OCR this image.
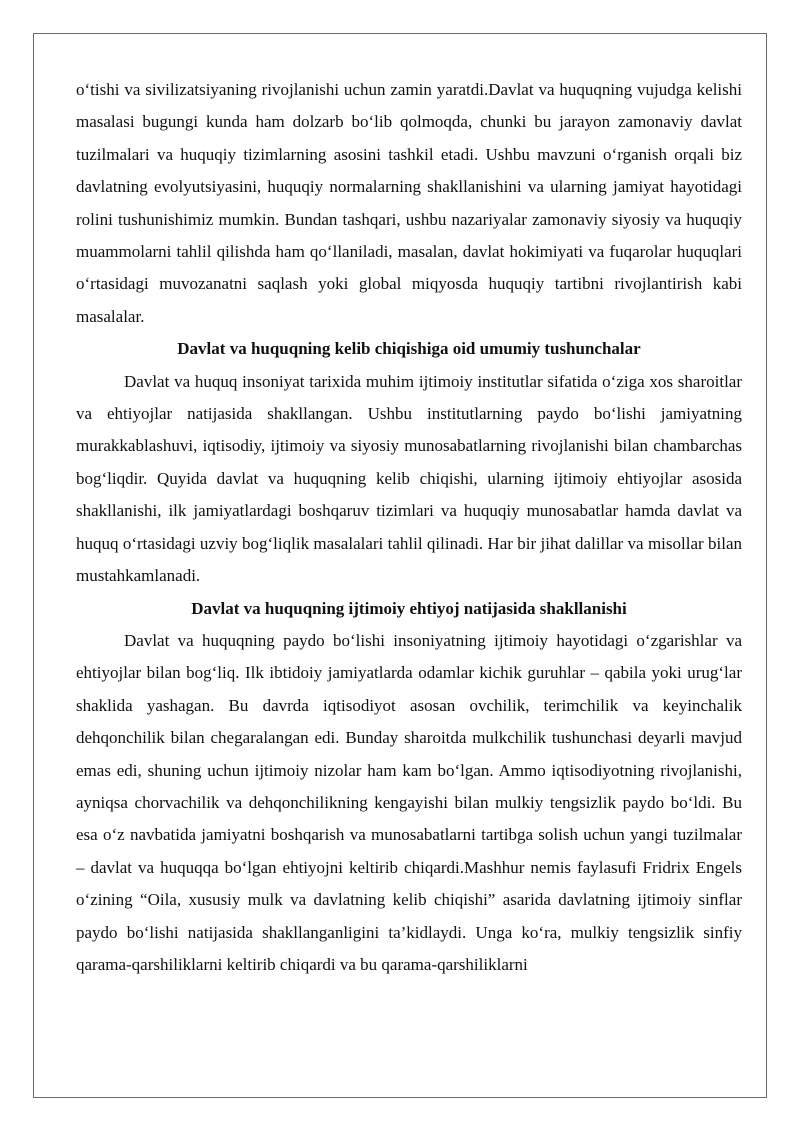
o‘tishi va sivilizatsiyaning rivojlanishi uchun zamin yaratdi.Davlat va huquqning vujudga kelishi masalasi bugungi kunda ham dolzarb bo‘lib qolmoqda, chunki bu jarayon zamonaviy davlat tuzilmalari va huquqiy tizimlarning asosini tashkil etadi. Ushbu mavzuni o‘rganish orqali biz davlatning evolyutsiyasini, huquqiy normalarning shakllanishini va ularning jamiyat hayotidagi rolini tushunishimiz mumkin. Bundan tashqari, ushbu nazariyalar zamonaviy siyosiy va huquqiy muammolarni tahlil qilishda ham qo‘llaniladi, masalan, davlat hokimiyati va fuqarolar huquqlari o‘rtasidagi muvozanatni saqlash yoki global miqyosda huquqiy tartibni rivojlantirish kabi masalalar.

Davlat va huquqning kelib chiqishiga oid umumiy tushunchalar

Davlat va huquq insoniyat tarixida muhim ijtimoiy institutlar sifatida o‘ziga xos sharoitlar va ehtiyojlar natijasida shakllangan. Ushbu institutlarning paydo bo‘lishi jamiyatning murakkablashuvi, iqtisodiy, ijtimoiy va siyosiy munosabatlarning rivojlanishi bilan chambarchas bog‘liqdir. Quyida davlat va huquqning kelib chiqishi, ularning ijtimoiy ehtiyojlar asosida shakllanishi, ilk jamiyatlardagi boshqaruv tizimlari va huquqiy munosabatlar hamda davlat va huquq o‘rtasidagi uzviy bog‘liqlik masalalari tahlil qilinadi. Har bir jihat dalillar va misollar bilan mustahkamlanadi.

Davlat va huquqning ijtimoiy ehtiyoj natijasida shakllanishi

Davlat va huquqning paydo bo‘lishi insoniyatning ijtimoiy hayotidagi o‘zgarishlar va ehtiyojlar bilan bog‘liq. Ilk ibtidoiy jamiyatlarda odamlar kichik guruhlar – qabila yoki urug‘lar shaklida yashagan. Bu davrda iqtisodiyot asosan ovchilik, terimchilik va keyinchalik dehqonchilik bilan chegaralangan edi. Bunday sharoitda mulkchilik tushunchasi deyarli mavjud emas edi, shuning uchun ijtimoiy nizolar ham kam bo‘lgan. Ammo iqtisodiyotning rivojlanishi, ayniqsa chorvachilik va dehqonchilikning kengayishi bilan mulkiy tengsizlik paydo bo‘ldi. Bu esa o‘z navbatida jamiyatni boshqarish va munosabatlarni tartibga solish uchun yangi tuzilmalar – davlat va huquqqa bo‘lgan ehtiyojni keltirib chiqardi.Mashhur nemis faylasufi Fridrix Engels o‘zining “Oila, xususiy mulk va davlatning kelib chiqishi” asarida davlatning ijtimoiy sinflar paydo bo‘lishi natijasida shakllanganligini ta’kidlaydi. Unga ko‘ra, mulkiy tengsizlik sinfiy qarama-qarshiliklarni keltirib chiqardi va bu qarama-qarshiliklarni
